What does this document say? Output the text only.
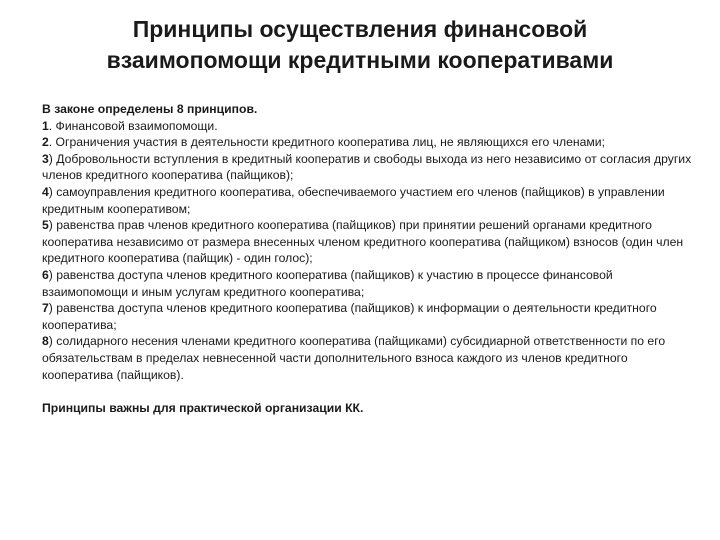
Принципы осуществления финансовой
взаимопомощи кредитными кооперативами

В законе определены 8 принципов.

1. Финансовой взаимопомощи.

2. Ограничения участия в деятельности кредитного кооператива лиц, не являющихся его членами;

3) Добровольности вступления в кредитный кооператив и свободы выхода из него независимо от согласия других членов кредитного кооператива (пайщиков);

4) самоуправления кредитного кооператива, обеспечиваемого участием его членов (пайщиков) в управлении кредитным кооперативом;

5) равенства прав членов кредитного кооператива (пайщиков) при принятии решений органами кредитного кооператива независимо от размера внесенных членом кредитного кооператива (пайщиком) взносов (один член кредитного кооператива (пайщик) - один голос);

6) равенства доступа членов кредитного кооператива (пайщиков) к участию в процессе финансовой взаимопомощи и иным услугам кредитного кооператива;

7) равенства доступа членов кредитного кооператива (пайщиков) к информации о деятельности кредитного кооператива;

8) солидарного несения членами кредитного кооператива (пайщиками) субсидиарной ответственности по его обязательствам в пределах невнесенной части дополнительного взноса каждого из членов кредитного кооператива (пайщиков).

Принципы важны для практической организации КК.
